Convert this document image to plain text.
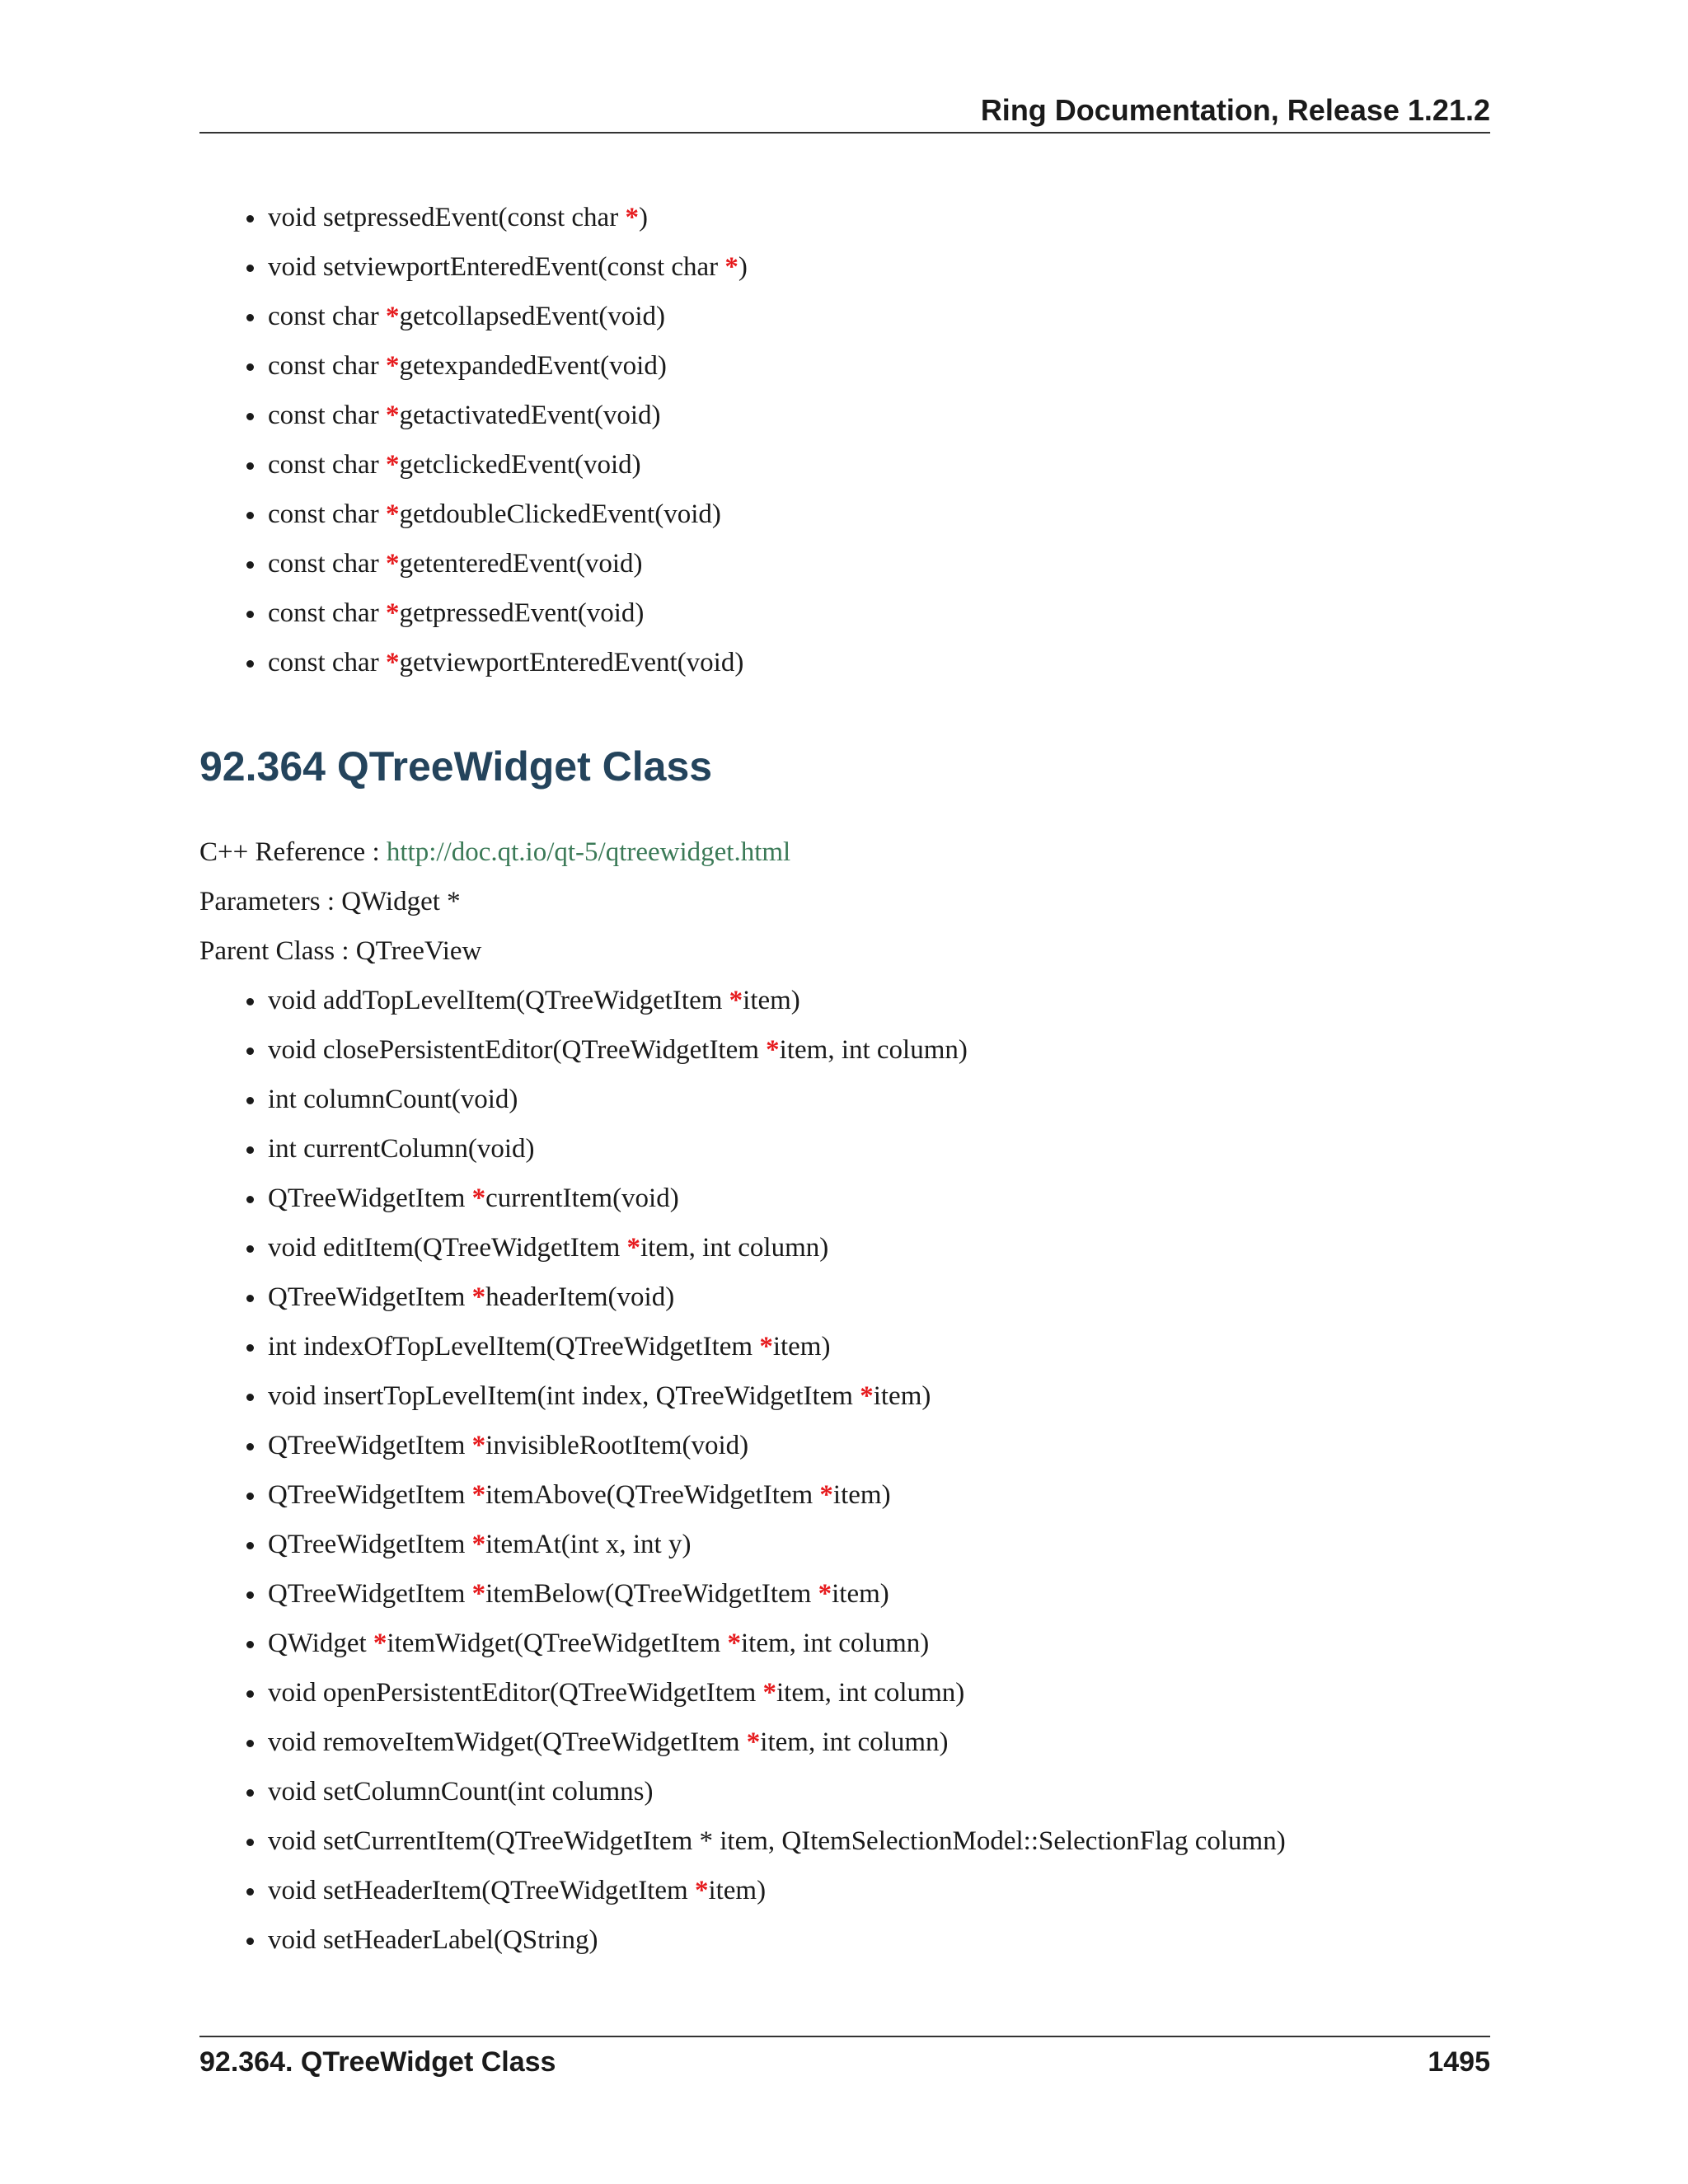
Ring Documentation, Release 1.21.2
void setpressedEvent(const char *)
void setviewportEnteredEvent(const char *)
const char *getcollapsedEvent(void)
const char *getexpandedEvent(void)
const char *getactivatedEvent(void)
const char *getclickedEvent(void)
const char *getdoubleClickedEvent(void)
const char *getenteredEvent(void)
const char *getpressedEvent(void)
const char *getviewportEnteredEvent(void)
92.364 QTreeWidget Class
C++ Reference : http://doc.qt.io/qt-5/qtreewidget.html
Parameters : QWidget *
Parent Class : QTreeView
void addTopLevelItem(QTreeWidgetItem *item)
void closePersistentEditor(QTreeWidgetItem *item, int column)
int columnCount(void)
int currentColumn(void)
QTreeWidgetItem *currentItem(void)
void editItem(QTreeWidgetItem *item, int column)
QTreeWidgetItem *headerItem(void)
int indexOfTopLevelItem(QTreeWidgetItem *item)
void insertTopLevelItem(int index, QTreeWidgetItem *item)
QTreeWidgetItem *invisibleRootItem(void)
QTreeWidgetItem *itemAbove(QTreeWidgetItem *item)
QTreeWidgetItem *itemAt(int x, int y)
QTreeWidgetItem *itemBelow(QTreeWidgetItem *item)
QWidget *itemWidget(QTreeWidgetItem *item, int column)
void openPersistentEditor(QTreeWidgetItem *item, int column)
void removeItemWidget(QTreeWidgetItem *item, int column)
void setColumnCount(int columns)
void setCurrentItem(QTreeWidgetItem * item, QItemSelectionModel::SelectionFlag column)
void setHeaderItem(QTreeWidgetItem *item)
void setHeaderLabel(QString)
92.364. QTreeWidget Class	1495
